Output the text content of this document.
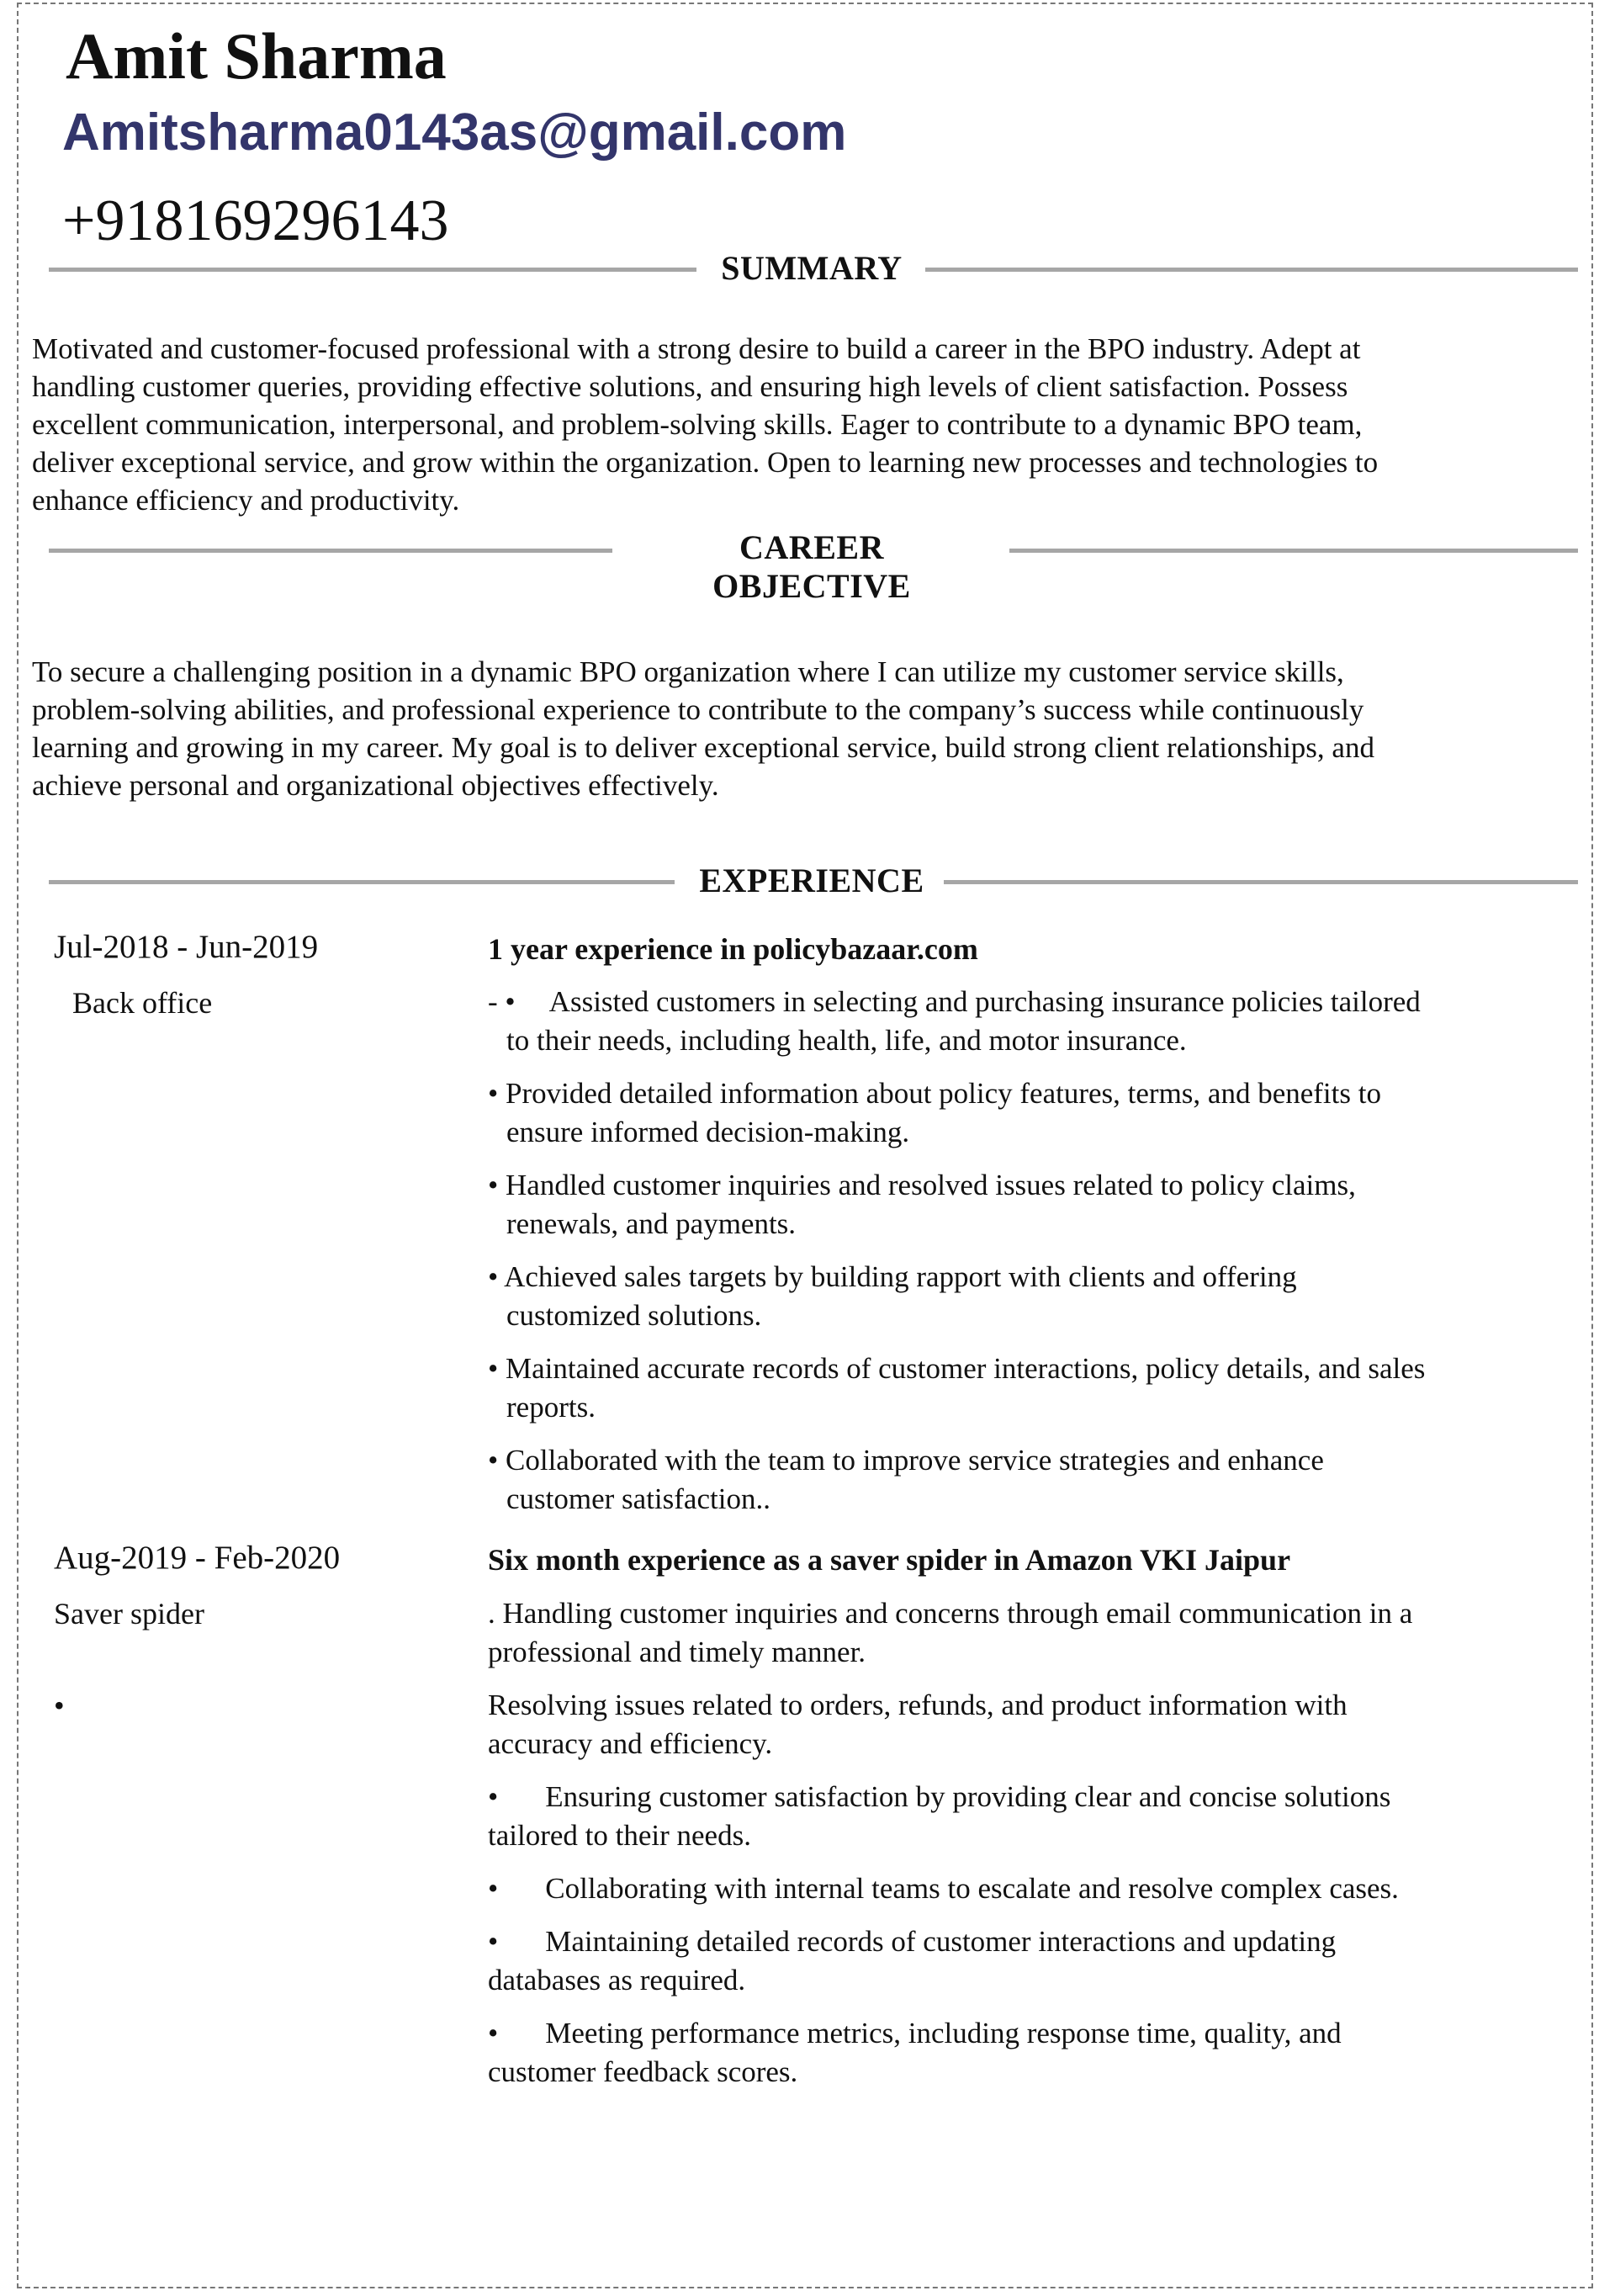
Amit Sharma
Amitsharma0143as@gmail.com
+918169296143
SUMMARY
Motivated and customer-focused professional with a strong desire to build a career in the BPO industry. Adept at
handling customer queries, providing effective solutions, and ensuring high levels of client satisfaction. Possess
excellent communication, interpersonal, and problem-solving skills. Eager to contribute to a dynamic BPO team,
deliver exceptional service, and grow within the organization. Open to learning new processes and technologies to
enhance efficiency and productivity.
CAREER
OBJECTIVE
To secure a challenging position in a dynamic BPO organization where I can utilize my customer service skills,
problem-solving abilities, and professional experience to contribute to the company’s success while continuously
learning and growing in my career. My goal is to deliver exceptional service, build strong client relationships, and
achieve personal and organizational objectives effectively.
EXPERIENCE
Jul-2018 - Jun-2019
Back office
1 year experience in policybazaar.com
- • Assisted customers in selecting and purchasing insurance policies tailored
to their needs, including health, life, and motor insurance.
• Provided detailed information about policy features, terms, and benefits to
ensure informed decision-making.
• Handled customer inquiries and resolved issues related to policy claims,
renewals, and payments.
• Achieved sales targets by building rapport with clients and offering
customized solutions.
• Maintained accurate records of customer interactions, policy details, and sales
reports.
• Collaborated with the team to improve service strategies and enhance
customer satisfaction..
Aug-2019 - Feb-2020
Saver spider
•
Six month experience as a saver spider in Amazon VKI Jaipur
. Handling customer inquiries and concerns through email communication in a
professional and timely manner.
Resolving issues related to orders, refunds, and product information with
accuracy and efficiency.
• Ensuring customer satisfaction by providing clear and concise solutions
tailored to their needs.
• Collaborating with internal teams to escalate and resolve complex cases.
• Maintaining detailed records of customer interactions and updating
databases as required.
• Meeting performance metrics, including response time, quality, and
customer feedback scores.
